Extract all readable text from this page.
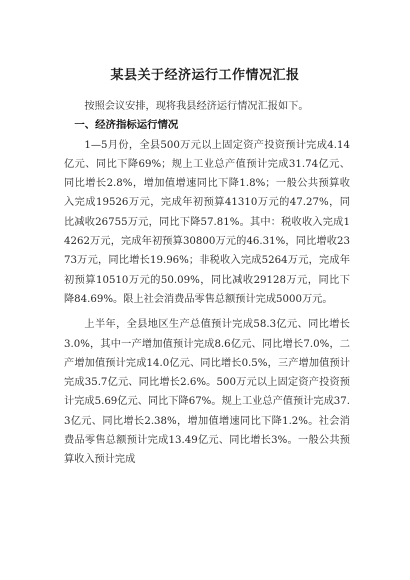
某县关于经济运行工作情况汇报

按照会议安排，现将我县经济运行情况汇报如下。

一、经济指标运行情况

1—5月份，全县500万元以上固定资产投资预计完成4.14亿元、同比下降69%；规上工业总产值预计完成31.74亿元、同比增长2.8%，增加值增速同比下降1.8%；一般公共预算收入完成19526万元，完成年初预算41310万元的47.27%，同比减收26755万元，同比下降57.81%。其中：税收收入完成14262万元，完成年初预算30800万元的46.31%，同比增收2373万元，同比增长19.96%；非税收入完成5264万元，完成年初预算10510万元的50.09%，同比减收29128万元，同比下降84.69%。限上社会消费品零售总额预计完成5000万元。

上半年，全县地区生产总值预计完成58.3亿元、同比增长3.0%，其中一产增加值预计完成8.6亿元、同比增长7.0%，二产增加值预计完成14.0亿元、同比增长0.5%，三产增加值预计完成35.7亿元、同比增长2.6%。500万元以上固定资产投资预计完成5.69亿元、同比下降67%。规上工业总产值预计完成37.3亿元、同比增长2.38%，增加值增速同比下降1.2%。社会消费品零售总额预计完成13.49亿元、同比增长3%。一般公共预算收入预计完成
